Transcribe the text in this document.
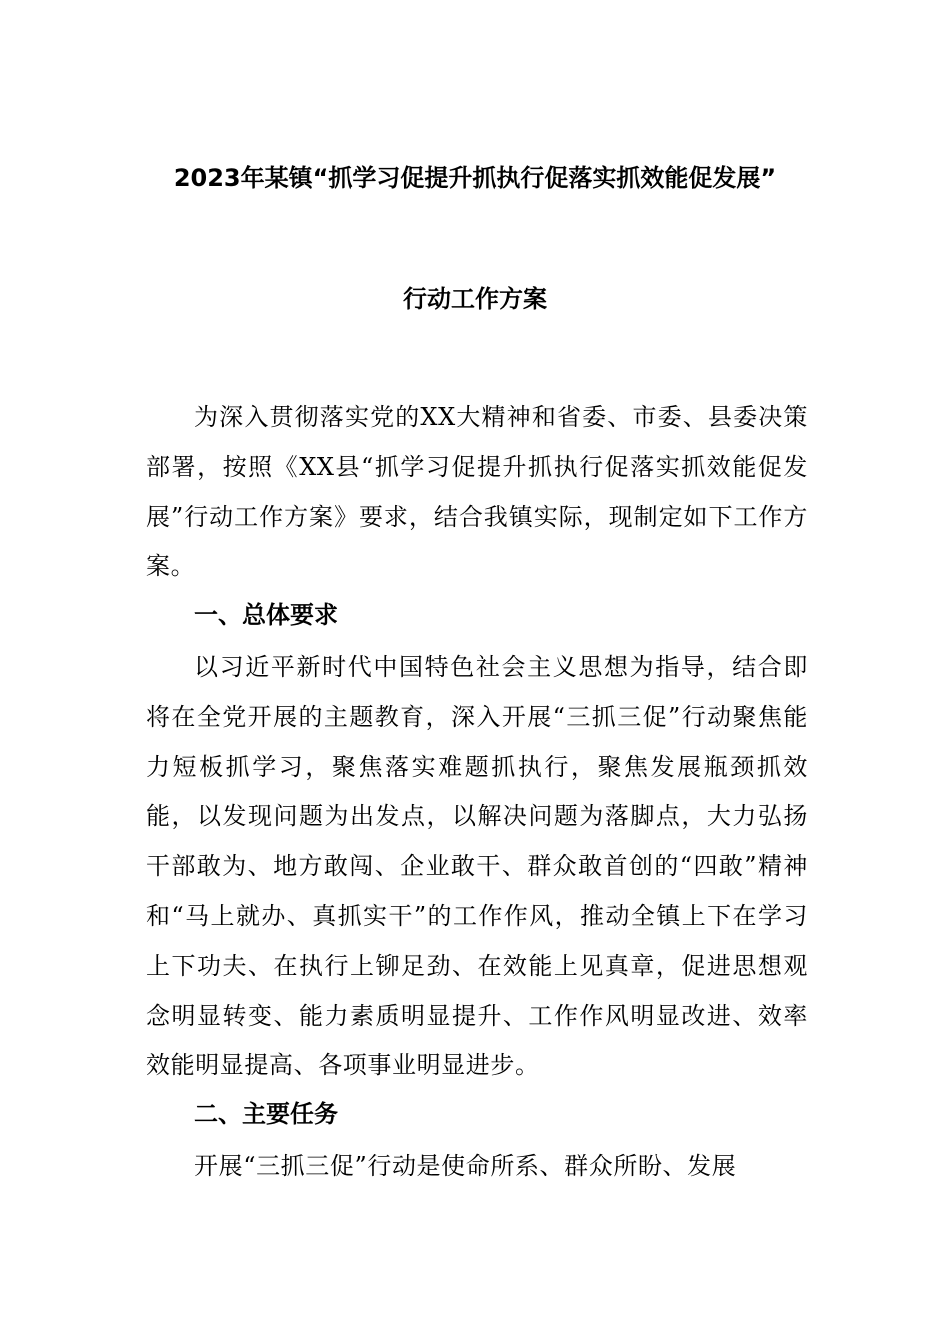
2023年某镇“抓学习促提升抓执行促落实抓效能促发展”
行动工作方案

为深入贯彻落实党的XX大精神和省委、市委、县委决策部署，按照《XX县“抓学习促提升抓执行促落实抓效能促发展”行动工作方案》要求，结合我镇实际，现制定如下工作方案。

一、总体要求

以习近平新时代中国特色社会主义思想为指导，结合即将在全党开展的主题教育，深入开展“三抓三促”行动聚焦能力短板抓学习，聚焦落实难题抓执行，聚焦发展瓶颈抓效能，以发现问题为出发点，以解决问题为落脚点，大力弘扬干部敢为、地方敢闯、企业敢干、群众敢首创的“四敢”精神和“马上就办、真抓实干”的工作作风，推动全镇上下在学习上下功夫、在执行上铆足劲、在效能上见真章，促进思想观念明显转变、能力素质明显提升、工作作风明显改进、效率效能明显提高、各项事业明显进步。

二、主要任务

开展“三抓三促”行动是使命所系、群众所盼、发展
